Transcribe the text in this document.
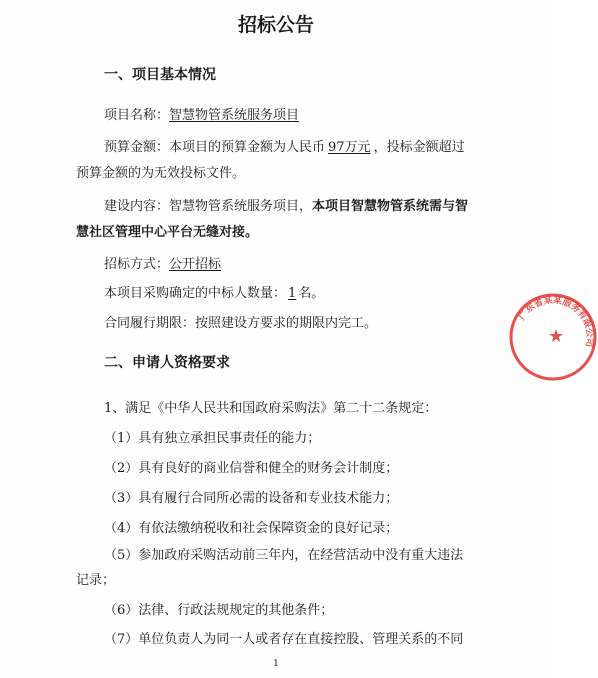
招标公告
一、项目基本情况
项目名称：智慧物管系统服务项目
预算金额：本项目的预算金额为人民币 97万元 ，投标金额超过
预算金额的为无效投标文件。
建设内容：智慧物管系统服务项目，本项目智慧物管系统需与智
慧社区管理中心平台无缝对接。
招标方式：公开招标
本项目采购确定的中标人数量： 1 名。
合同履行期限：按照建设方要求的期限内完工。
二、申请人资格要求
1、满足《中华人民共和国政府采购法》第二十二条规定：
（1）具有独立承担民事责任的能力；
（2）具有良好的商业信誉和健全的财务会计制度；
（3）具有履行合同所必需的设备和专业技术能力；
（4）有依法缴纳税收和社会保障资金的良好记录；
（5）参加政府采购活动前三年内，在经营活动中没有重大违法
记录；
（6）法律、行政法规规定的其他条件；
（7）单位负责人为同一人或者存在直接控股、管理关系的不同
1
广东省某某服务有限公司
★
